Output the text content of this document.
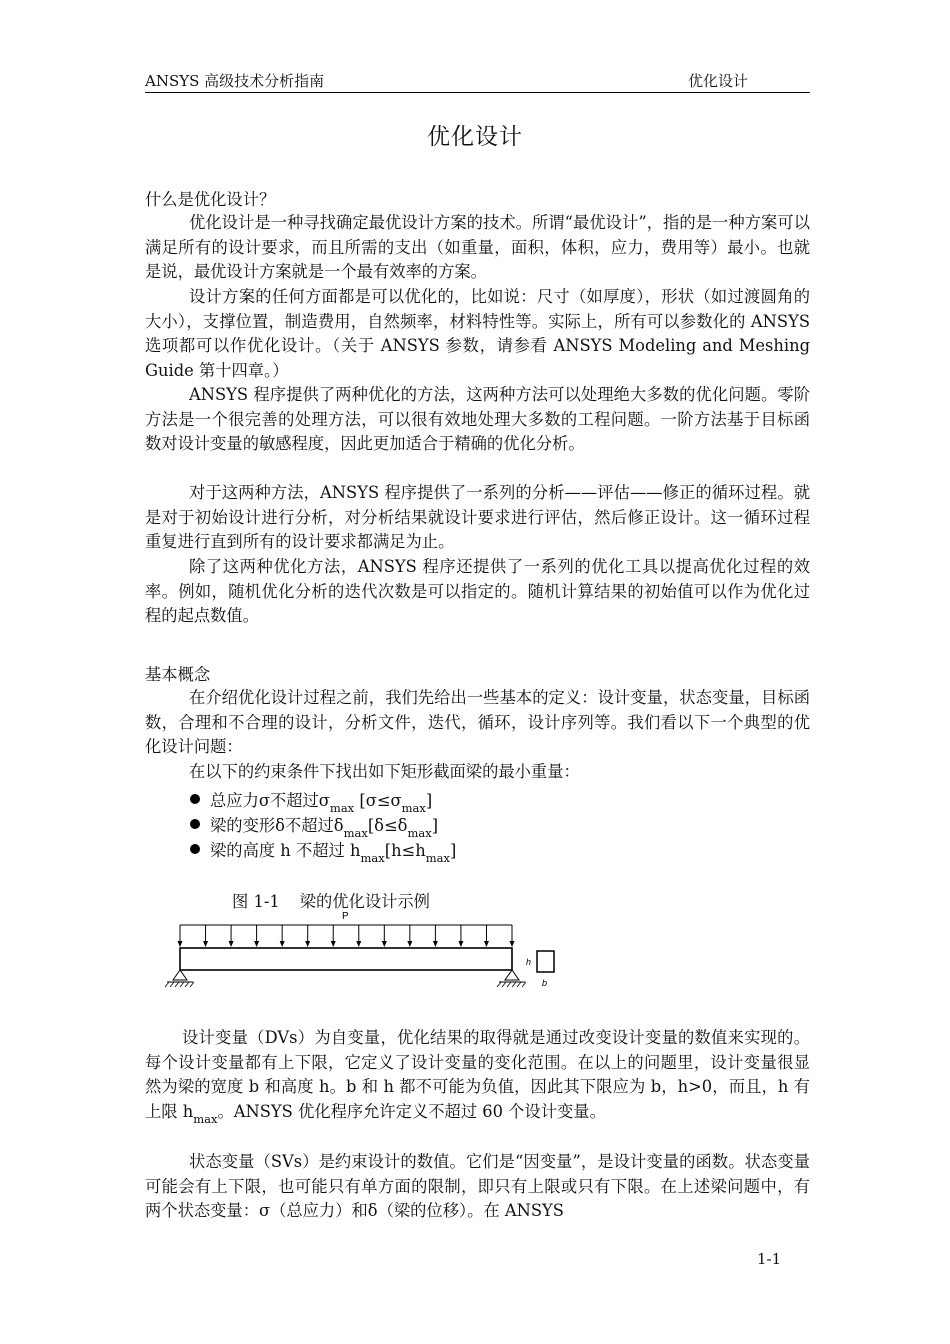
ANSYS 高级技术分析指南	优化设计
优化设计
什么是优化设计？
优化设计是一种寻找确定最优设计方案的技术。所谓“最优设计”，指的是一种方案可以满足所有的设计要求，而且所需的支出（如重量，面积，体积，应力，费用等）最小。也就是说，最优设计方案就是一个最有效率的方案。
设计方案的任何方面都是可以优化的，比如说：尺寸（如厚度），形状（如过渡圆角的大小），支撑位置，制造费用，自然频率，材料特性等。实际上，所有可以参数化的 ANSYS 选项都可以作优化设计。（关于 ANSYS 参数，请参看 ANSYS Modeling and Meshing Guide 第十四章。）
ANSYS 程序提供了两种优化的方法，这两种方法可以处理绝大多数的优化问题。零阶方法是一个很完善的处理方法，可以很有效地处理大多数的工程问题。一阶方法基于目标函数对设计变量的敏感程度，因此更加适合于精确的优化分析。
对于这两种方法，ANSYS 程序提供了一系列的分析——评估——修正的循环过程。就是对于初始设计进行分析，对分析结果就设计要求进行评估，然后修正设计。这一循环过程重复进行直到所有的设计要求都满足为止。
除了这两种优化方法，ANSYS 程序还提供了一系列的优化工具以提高优化过程的效率。例如，随机优化分析的迭代次数是可以指定的。随机计算结果的初始值可以作为优化过程的起点数值。
基本概念
在介绍优化设计过程之前，我们先给出一些基本的定义：设计变量，状态变量，目标函数，合理和不合理的设计，分析文件，迭代，循环，设计序列等。我们看以下一个典型的优化设计问题：
在以下的约束条件下找出如下矩形截面梁的最小重量：
总应力σ不超过$\sigma_{max}$ $[\sigma\le\sigma_{max}]$
梁的变形δ不超过$\delta_{max}[\delta\le\delta_{max}]$
梁的高度 h 不超过 $h_{max}[h\le h_{max}]$
图 1-1 梁的优化设计示例
P
h
b
设计变量（DVs）为自变量，优化结果的取得就是通过改变设计变量的数值来实现的。每个设计变量都有上下限，它定义了设计变量的变化范围。在以上的问题里，设计变量很显然为梁的宽度 b 和高度 h。b 和 h 都不可能为负值，因此其下限应为 b，h>0，而且，h 有上限 $h_{max}$。ANSYS 优化程序允许定义不超过 60 个设计变量。
状态变量（SVs）是约束设计的数值。它们是“因变量”，是设计变量的函数。状态变量可能会有上下限，也可能只有单方面的限制，即只有上限或只有下限。在上述梁问题中，有两个状态变量：σ（总应力）和δ（梁的位移）。在 ANSYS
1-1
